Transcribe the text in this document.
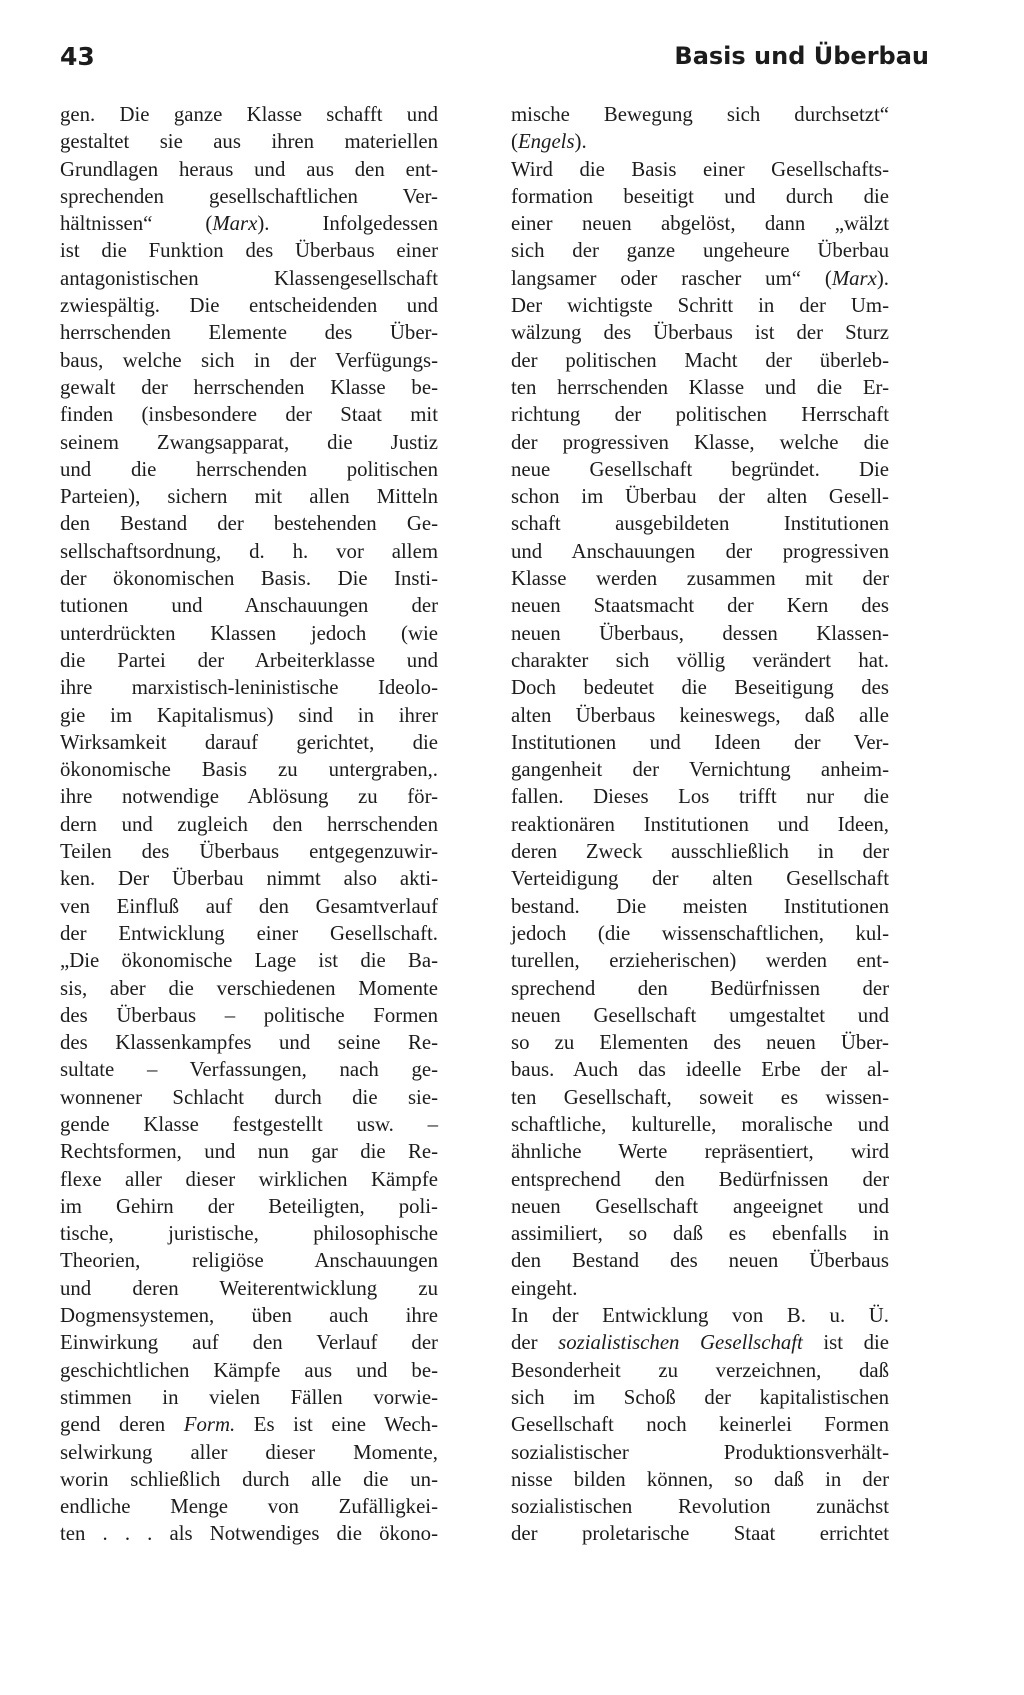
43	Basis und Überbau
gen. Die ganze Klasse schafft und
gestaltet sie aus ihren materiellen
Grundlagen heraus und aus den ent-
sprechenden gesellschaftlichen Ver-
hältnissen“ (Marx). Infolgedessen
ist die Funktion des Überbaus einer
antagonistischen Klassengesellschaft
zwiespältig. Die entscheidenden und
herrschenden Elemente des Über-
baus, welche sich in der Verfügungs-
gewalt der herrschenden Klasse be-
finden (insbesondere der Staat mit
seinem Zwangsapparat, die Justiz
und die herrschenden politischen
Parteien), sichern mit allen Mitteln
den Bestand der bestehenden Ge-
sellschaftsordnung, d. h. vor allem
der ökonomischen Basis. Die Insti-
tutionen und Anschauungen der
unterdrückten Klassen jedoch (wie
die Partei der Arbeiterklasse und
ihre marxistisch-leninistische Ideolo-
gie im Kapitalismus) sind in ihrer
Wirksamkeit darauf gerichtet, die
ökonomische Basis zu untergraben,.
ihre notwendige Ablösung zu för-
dern und zugleich den herrschenden
Teilen des Überbaus entgegenzuwir-
ken. Der Überbau nimmt also akti-
ven Einfluß auf den Gesamtverlauf
der Entwicklung einer Gesellschaft.
„Die ökonomische Lage ist die Ba-
sis, aber die verschiedenen Momente
des Überbaus – politische Formen
des Klassenkampfes und seine Re-
sultate – Verfassungen, nach ge-
wonnener Schlacht durch die sie-
gende Klasse festgestellt usw. –
Rechtsformen, und nun gar die Re-
flexe aller dieser wirklichen Kämpfe
im Gehirn der Beteiligten, poli-
tische, juristische, philosophische
Theorien, religiöse Anschauungen
und deren Weiterentwicklung zu
Dogmensystemen, üben auch ihre
Einwirkung auf den Verlauf der
geschichtlichen Kämpfe aus und be-
stimmen in vielen Fällen vorwie-
gend deren Form. Es ist eine Wech-
selwirkung aller dieser Momente,
worin schließlich durch alle die un-
endliche Menge von Zufälligkei-
ten . . . als Notwendiges die ökono-
mische Bewegung sich durchsetzt“
(Engels).
Wird die Basis einer Gesellschafts-
formation beseitigt und durch die
einer neuen abgelöst, dann „wälzt
sich der ganze ungeheure Überbau
langsamer oder rascher um“ (Marx).
Der wichtigste Schritt in der Um-
wälzung des Überbaus ist der Sturz
der politischen Macht der überleb-
ten herrschenden Klasse und die Er-
richtung der politischen Herrschaft
der progressiven Klasse, welche die
neue Gesellschaft begründet. Die
schon im Überbau der alten Gesell-
schaft ausgebildeten Institutionen
und Anschauungen der progressiven
Klasse werden zusammen mit der
neuen Staatsmacht der Kern des
neuen Überbaus, dessen Klassen-
charakter sich völlig verändert hat.
Doch bedeutet die Beseitigung des
alten Überbaus keineswegs, daß alle
Institutionen und Ideen der Ver-
gangenheit der Vernichtung anheim-
fallen. Dieses Los trifft nur die
reaktionären Institutionen und Ideen,
deren Zweck ausschließlich in der
Verteidigung der alten Gesellschaft
bestand. Die meisten Institutionen
jedoch (die wissenschaftlichen, kul-
turellen, erzieherischen) werden ent-
sprechend den Bedürfnissen der
neuen Gesellschaft umgestaltet und
so zu Elementen des neuen Über-
baus. Auch das ideelle Erbe der al-
ten Gesellschaft, soweit es wissen-
schaftliche, kulturelle, moralische und
ähnliche Werte repräsentiert, wird
entsprechend den Bedürfnissen der
neuen Gesellschaft angeeignet und
assimiliert, so daß es ebenfalls in
den Bestand des neuen Überbaus
eingeht.
In der Entwicklung von B. u. Ü.
der sozialistischen Gesellschaft ist die
Besonderheit zu verzeichnen, daß
sich im Schoß der kapitalistischen
Gesellschaft noch keinerlei Formen
sozialistischer Produktionsverhält-
nisse bilden können, so daß in der
sozialistischen Revolution zunächst
der proletarische Staat errichtet
